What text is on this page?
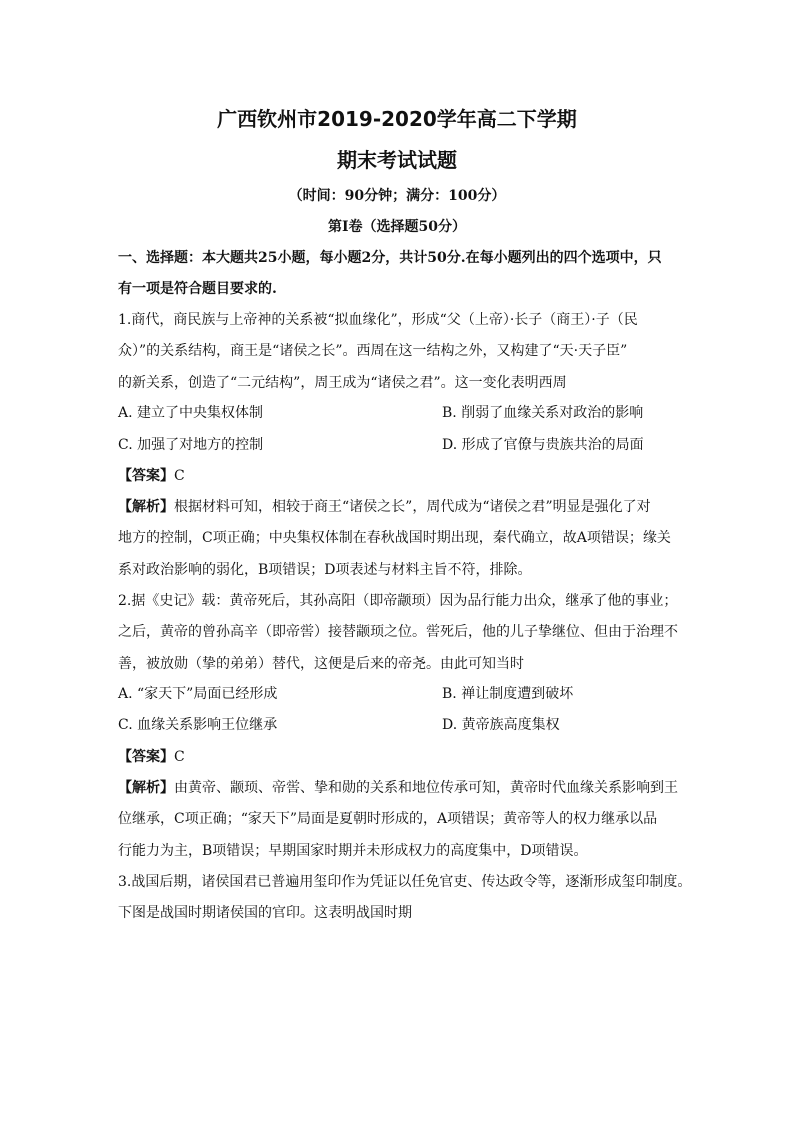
广西钦州市2019-2020学年高二下学期
期末考试试题
（时间：90分钟；满分：100分）
第Ⅰ卷（选择题50分）
一、选择题：本大题共25小题，每小题2分，共计50分.在每小题列出的四个选项中，只
有一项是符合题目要求的.
1.商代，商民族与上帝神的关系被“拟血缘化”，形成“父（上帝）·长子（商王）·子（民
众）”的关系结构，商王是“诸侯之长”。西周在这一结构之外，又构建了“天·天子臣”
的新关系，创造了“二元结构”，周王成为“诸侯之君”。这一变化表明西周
A. 建立了中央集权体制	B. 削弱了血缘关系对政治的影响
C. 加强了对地方的控制	D. 形成了官僚与贵族共治的局面
【答案】C
【解析】根据材料可知，相较于商王“诸侯之长”，周代成为“诸侯之君”明显是强化了对
地方的控制，C项正确；中央集权体制在春秋战国时期出现，秦代确立，故A项错误；缘关
系对政治影响的弱化，B项错误；D项表述与材料主旨不符，排除。
2.据《史记》载：黄帝死后，其孙高阳（即帝颛顼）因为品行能力出众，继承了他的事业；
之后，黄帝的曾孙高辛（即帝喾）接替颛顼之位。喾死后，他的儿子挚继位、但由于治理不
善，被放勋（挚的弟弟）替代，这便是后来的帝尧。由此可知当时
A. “家天下”局面已经形成	B. 禅让制度遭到破坏
C. 血缘关系影响王位继承	D. 黄帝族高度集权
【答案】C
【解析】由黄帝、颛顼、帝喾、挚和勋的关系和地位传承可知，黄帝时代血缘关系影响到王
位继承，C项正确；“家天下”局面是夏朝时形成的，A项错误；黄帝等人的权力继承以品
行能力为主，B项错误；早期国家时期并未形成权力的高度集中，D项错误。
3.战国后期，诸侯国君已普遍用玺印作为凭证以任免官吏、传达政令等，逐渐形成玺印制度。
下图是战国时期诸侯国的官印。这表明战国时期
